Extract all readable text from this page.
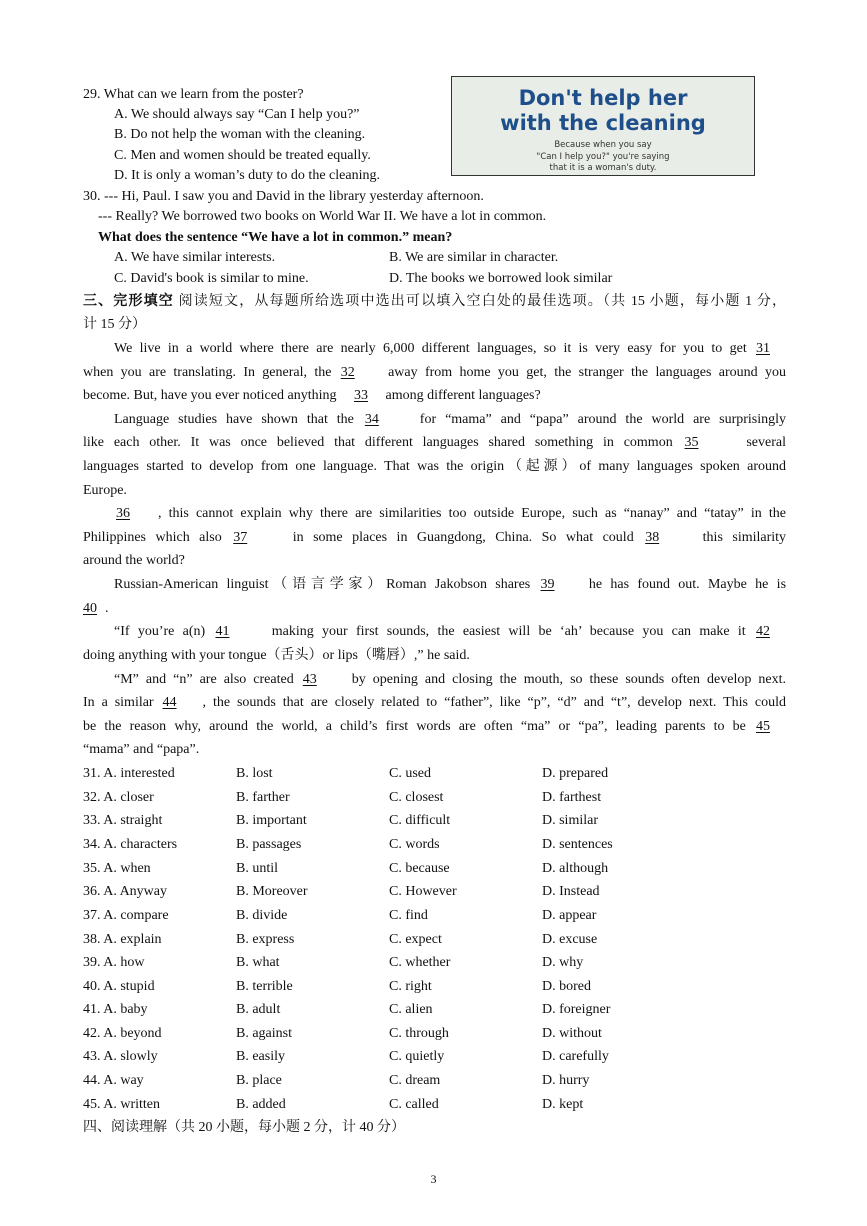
29. What can we learn from the poster?
A. We should always say “Can I help you?”
B. Do not help the woman with the cleaning.
C. Men and women should be treated equally.
D. It is only a woman’s duty to do the cleaning.
Don't help her
with the cleaning
Because when you say
"Can I help you?" you're saying
that it is a woman's duty.
30. --- Hi, Paul. I saw you and David in the library yesterday afternoon.
--- Really? We borrowed two books on World War II. We have a lot in common.
What does the sentence “We have a lot in common.” mean?
A. We have similar interests.	B. We are similar in character.
C. David's book is similar to mine.	D. The books we borrowed look similar
三、完形填空 阅读短文，从每题所给选项中选出可以填入空白处的最佳选项。（共 15 小题，每小题 1 分，
计 15 分）
We live in a world where there are nearly 6,000 different languages, so it is very easy for you to get 31
when you are translating. In general, the 32 away from home you get, the stranger the languages around you
become. But, have you ever noticed anything 33 among different languages?
Language studies have shown that the 34	for “mama” and “papa” around the world are surprisingly
like each other. It was once believed that different languages shared something in common 35	several
languages started to develop from one language. That was the origin（起源）of many languages spoken around
Europe.
36 , this cannot explain why there are similarities too outside Europe, such as “nanay” and “tatay” in the
Philippines which also 37	in some places in Guangdong, China. So what could 38	this similarity
around the world?
Russian-American linguist（语言学家）Roman Jakobson shares 39 he has found out. Maybe he is
40 .
“If you’re a(n) 41	making your first sounds, the easiest will be ‘ah’ because you can make it 42
doing anything with your tongue（舌头）or lips（嘴唇）,” he said.
“M” and “n” are also created 43	by opening and closing the mouth, so these sounds often develop next.
In a similar 44 , the sounds that are closely related to “father”, like “p”, “d” and “t”, develop next. This could
be the reason why, around the world, a child’s first words are often “ma” or “pa”, leading parents to be 45
“mama” and “papa”.
31. A. interested	B. lost	C. used	D. prepared
32. A. closer	B. farther	C. closest	D. farthest
33. A. straight	B. important	C. difficult	D. similar
34. A. characters	B. passages	C. words	D. sentences
35. A. when	B. until	C. because	D. although
36. A. Anyway	B. Moreover	C. However	D. Instead
37. A. compare	B. divide	C. find	D. appear
38. A. explain	B. express	C. expect	D. excuse
39. A. how	B. what	C. whether	D. why
40. A. stupid	B. terrible	C. right	D. bored
41. A. baby	B. adult	C. alien	D. foreigner
42. A. beyond	B. against	C. through	D. without
43. A. slowly	B. easily	C. quietly	D. carefully
44. A. way	B. place	C. dream	D. hurry
45. A. written	B. added	C. called	D. kept
四、阅读理解（共 20 小题，每小题 2 分，计 40 分）
3
